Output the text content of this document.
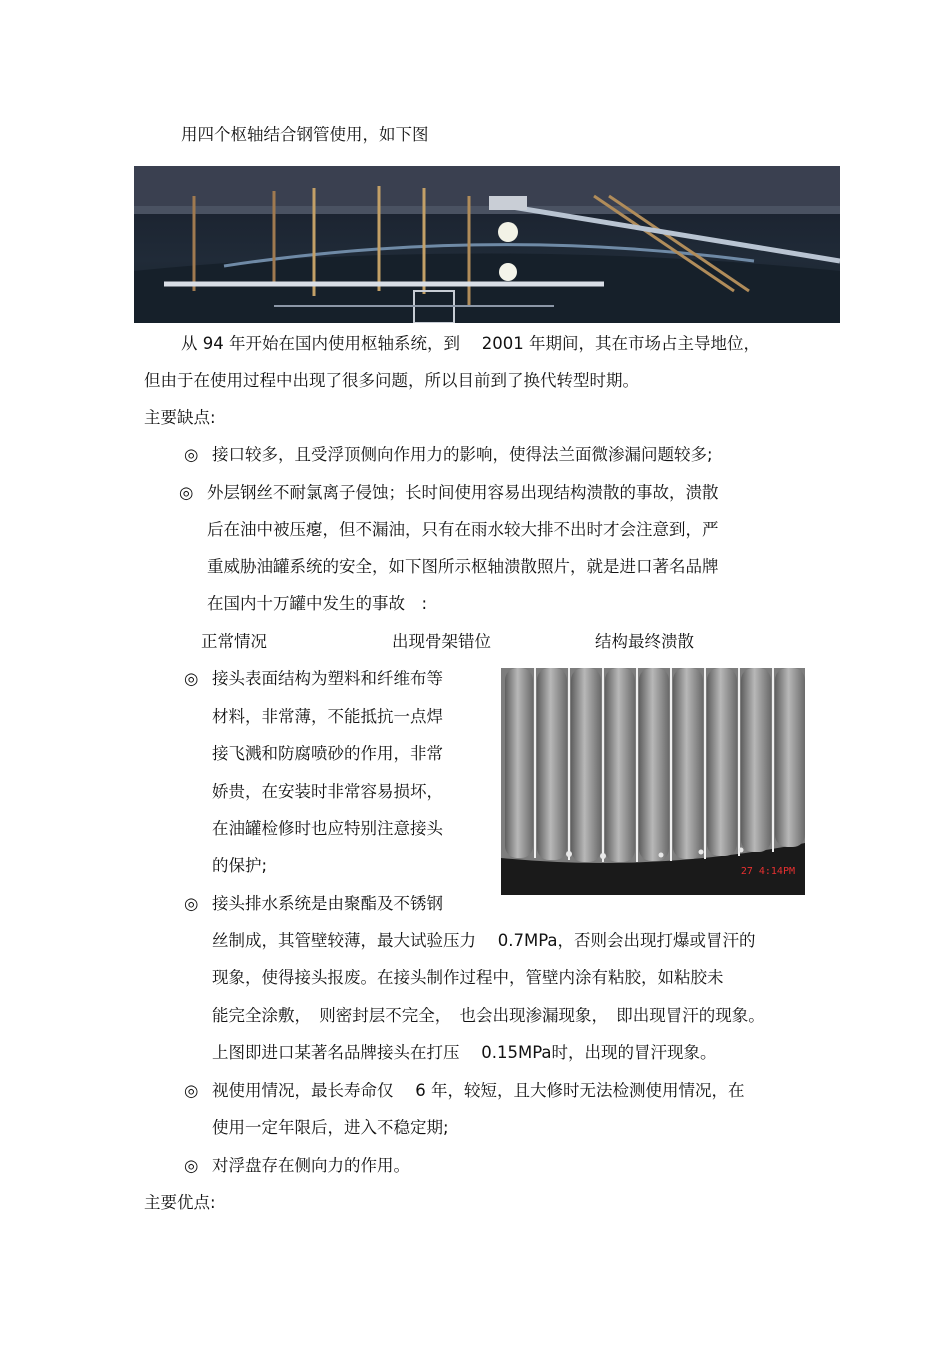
用四个枢轴结合钢管使用，如下图
从 94 年开始在国内使用枢轴系统，到　 2001 年期间，其在市场占主导地位，
但由于在使用过程中出现了很多问题，所以目前到了换代转型时期。
主要缺点:
◎ 接口较多，且受浮顶侧向作用力的影响，使得法兰面微渗漏问题较多;
◎ 外层钢丝不耐氯离子侵蚀；长时间使用容易出现结构溃散的事故，溃散
后在油中被压瘪，但不漏油，只有在雨水较大排不出时才会注意到，严
重威胁油罐系统的安全，如下图所示枢轴溃散照片，就是进口著名品牌
在国内十万罐中发生的事故　:
正常情况	出现骨架错位	结构最终溃散
◎ 接头表面结构为塑料和纤维布等
材料，非常薄，不能抵抗一点焊
接飞溅和防腐喷砂的作用，非常
娇贵，在安装时非常容易损坏，
在油罐检修时也应特别注意接头
的保护;	27 4:14PM
◎ 接头排水系统是由聚酯及不锈钢
丝制成，其管壁较薄，最大试验压力　 0.7MPa，否则会出现打爆或冒汗的
现象，使得接头报废。在接头制作过程中，管壁内涂有粘胶，如粘胶未
能完全涂敷，　则密封层不完全，　也会出现渗漏现象，　即出现冒汗的现象。
上图即进口某著名品牌接头在打压　 0.15MPa时，出现的冒汗现象。
◎ 视使用情况，最长寿命仅　 6 年，较短，且大修时无法检测使用情况，在
使用一定年限后，进入不稳定期;
◎ 对浮盘存在侧向力的作用。
主要优点:
